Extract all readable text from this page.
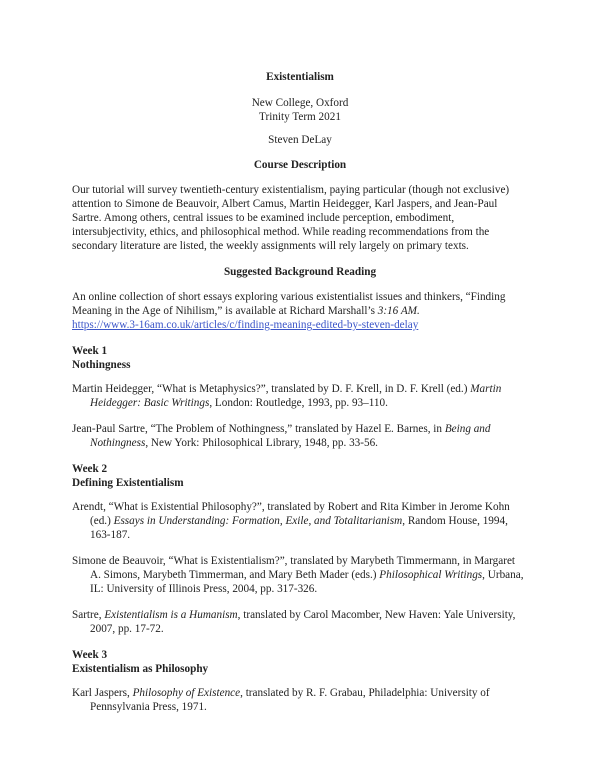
Existentialism

New College, Oxford

Trinity Term 2021

Steven DeLay

Course Description

Our tutorial will survey twentieth-century existentialism, paying particular (though not exclusive) attention to Simone de Beauvoir, Albert Camus, Martin Heidegger, Karl Jaspers, and Jean-Paul Sartre. Among others, central issues to be examined include perception, embodiment, intersubjectivity, ethics, and philosophical method. While reading recommendations from the secondary literature are listed, the weekly assignments will rely largely on primary texts.

Suggested Background Reading

An online collection of short essays exploring various existentialist issues and thinkers, “Finding Meaning in the Age of Nihilism,” is available at Richard Marshall’s 3:16 AM.
https://www.3-16am.co.uk/articles/c/finding-meaning-edited-by-steven-delay

Week 1

Nothingness

Martin Heidegger, “What is Metaphysics?”, translated by D. F. Krell, in D. F. Krell (ed.) Martin Heidegger: Basic Writings, London: Routledge, 1993, pp. 93–110.

Jean-Paul Sartre, “The Problem of Nothingness,” translated by Hazel E. Barnes, in Being and Nothingness, New York: Philosophical Library, 1948, pp. 33-56.

Week 2

Defining Existentialism

Arendt, “What is Existential Philosophy?”, translated by Robert and Rita Kimber in Jerome Kohn (ed.) Essays in Understanding: Formation, Exile, and Totalitarianism, Random House, 1994, 163-187.

Simone de Beauvoir, “What is Existentialism?”, translated by Marybeth Timmermann, in Margaret A. Simons, Marybeth Timmerman, and Mary Beth Mader (eds.) Philosophical Writings, Urbana, IL: University of Illinois Press, 2004, pp. 317-326.

Sartre, Existentialism is a Humanism, translated by Carol Macomber, New Haven: Yale University, 2007, pp. 17-72.

Week 3

Existentialism as Philosophy

Karl Jaspers, Philosophy of Existence, translated by R. F. Grabau, Philadelphia: University of Pennsylvania Press, 1971.
